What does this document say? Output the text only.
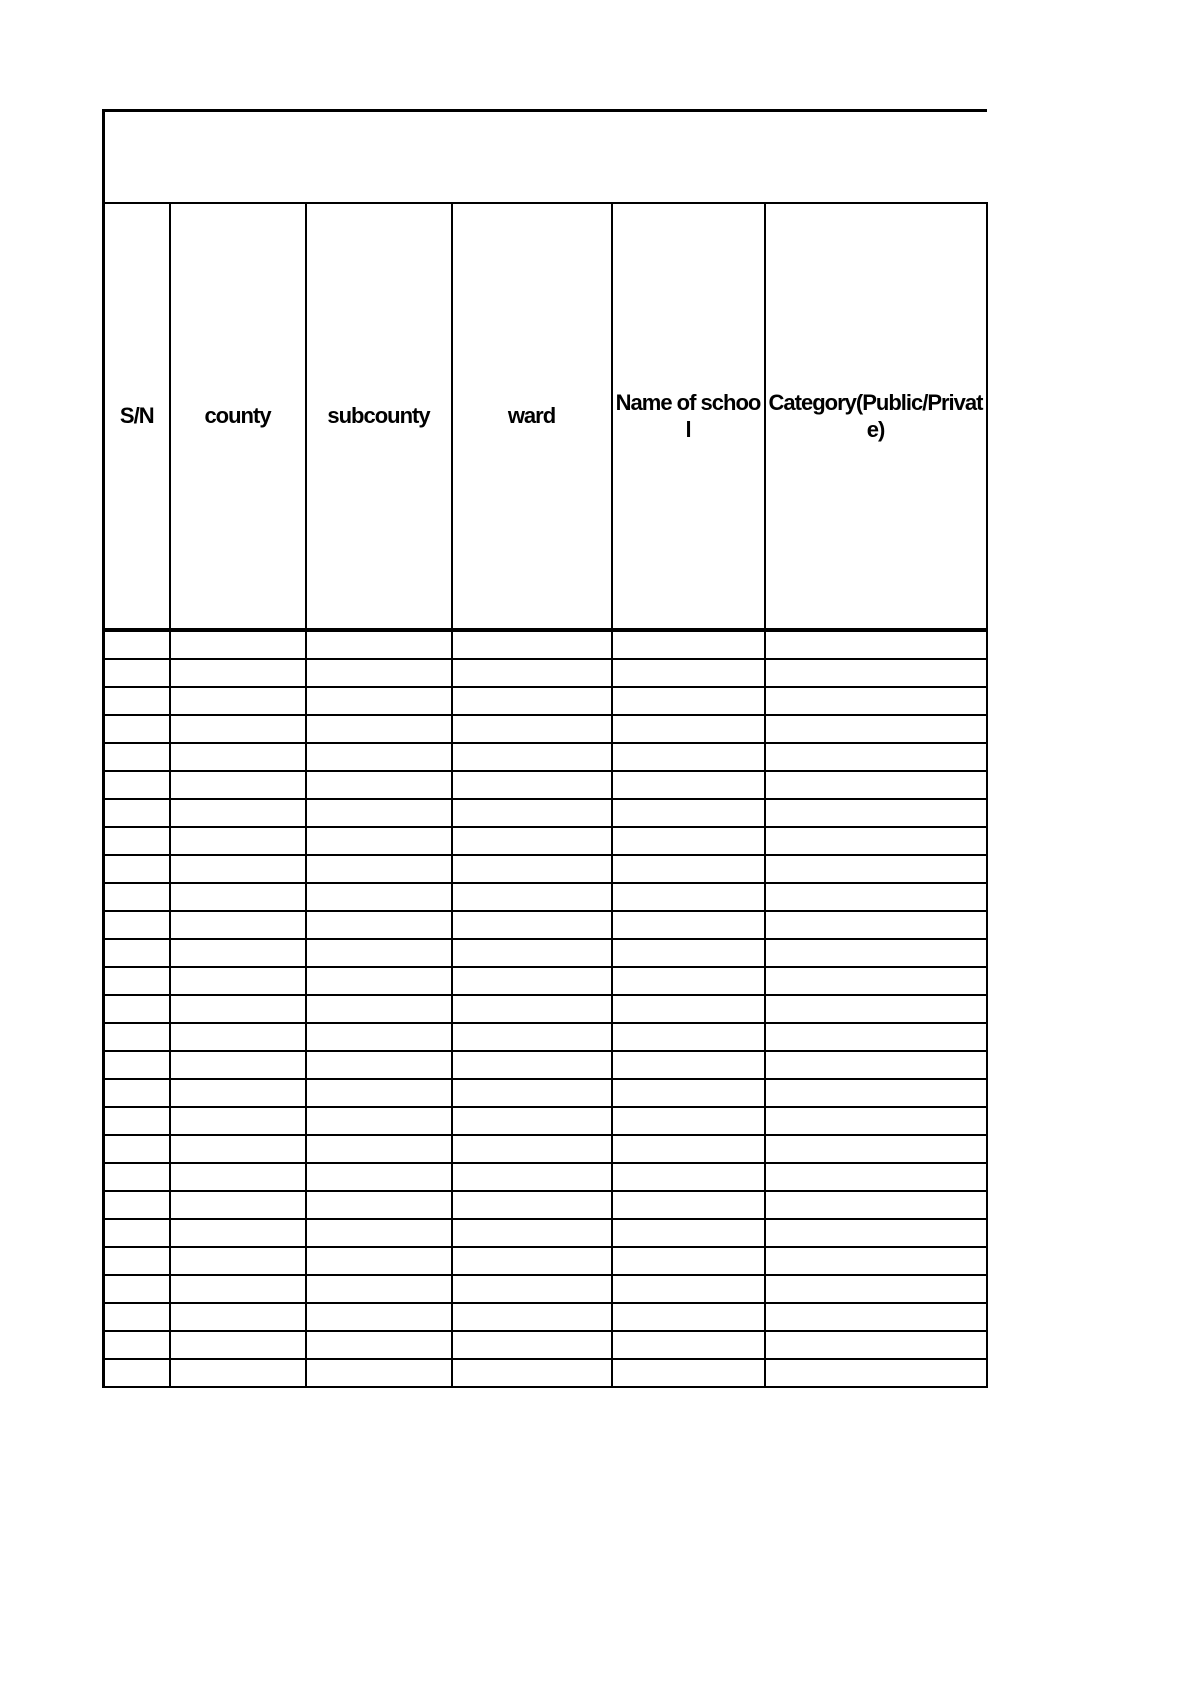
S/N	county	subcounty	ward	Name of school	Category(Public/Private)
